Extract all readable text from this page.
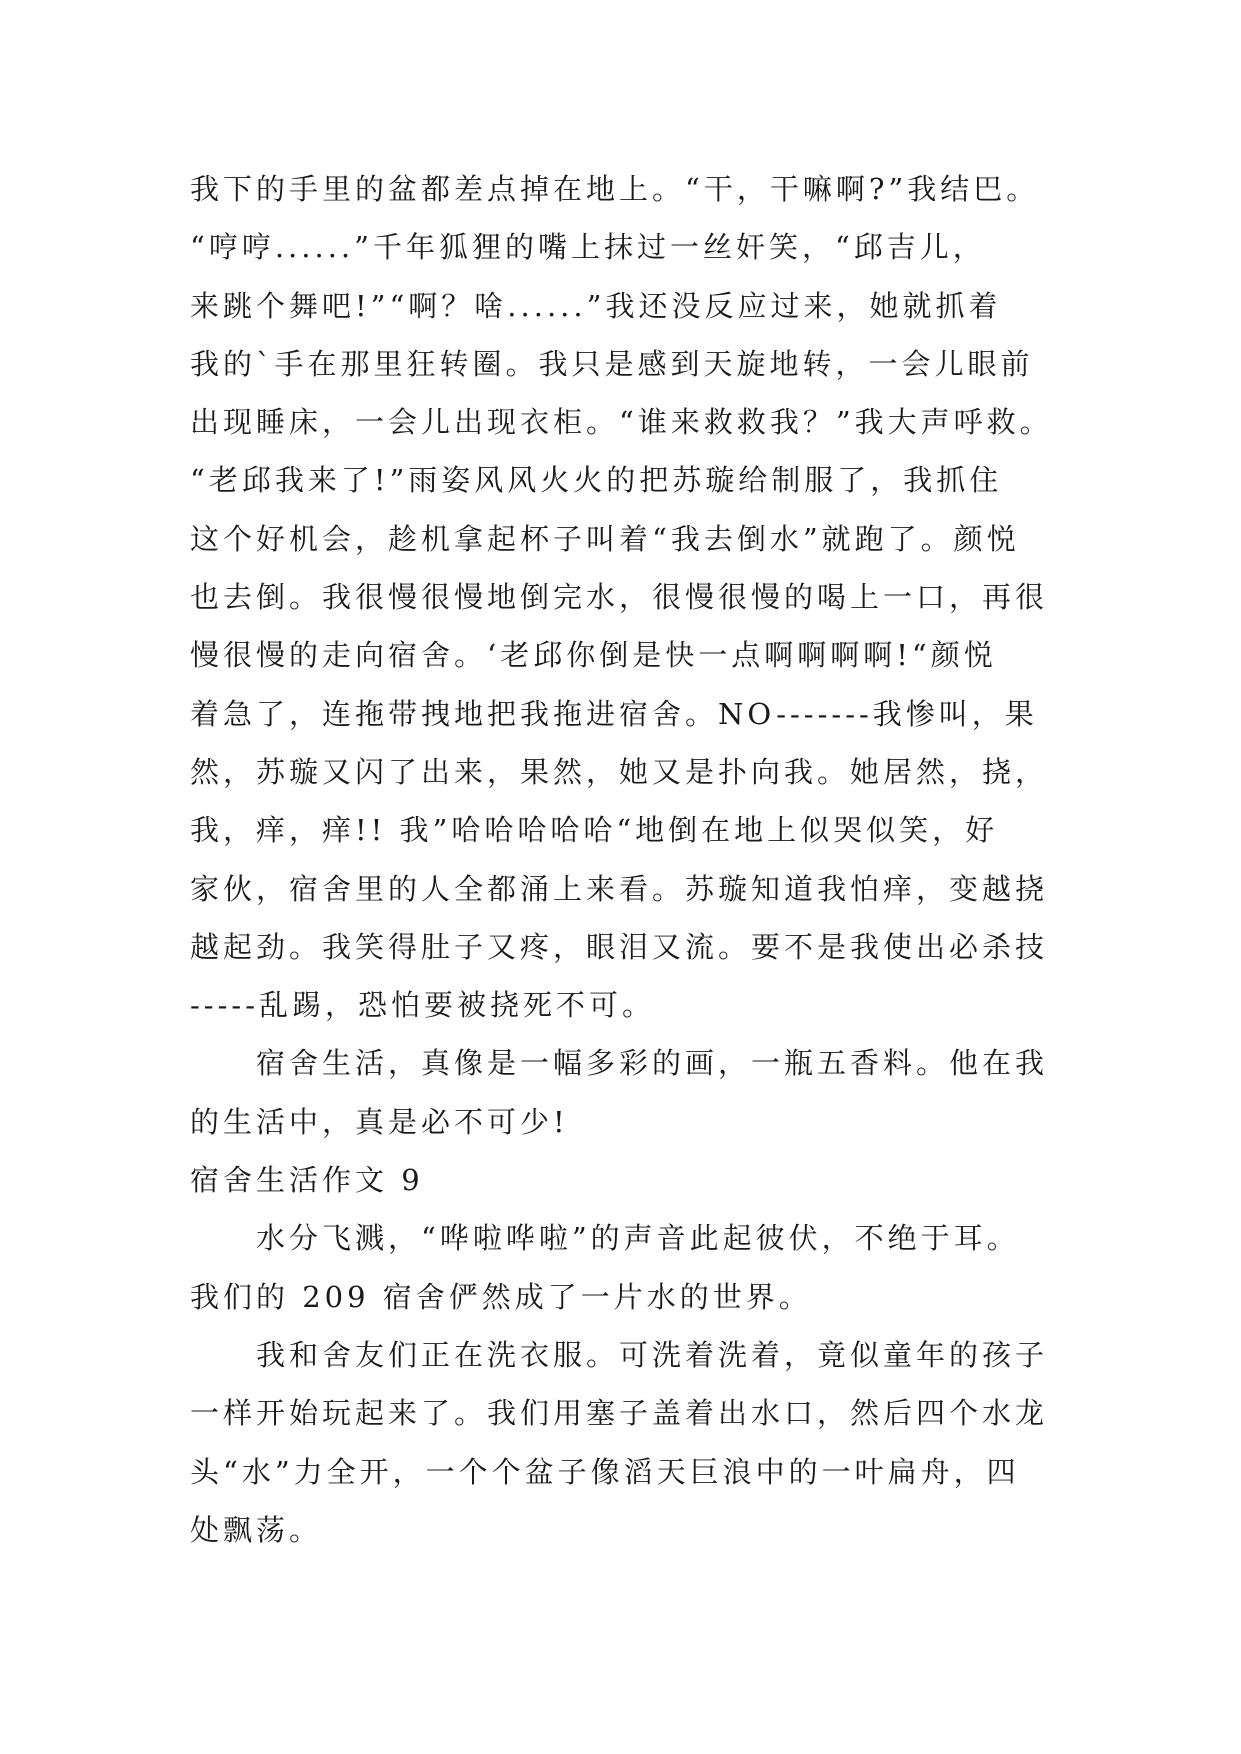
我下的手里的盆都差点掉在地上。“干，干嘛啊?”我结巴。
“哼哼......”千年狐狸的嘴上抹过一丝奸笑，“邱吉儿，
来跳个舞吧!”“啊？啥......”我还没反应过来，她就抓着
我的`手在那里狂转圈。我只是感到天旋地转，一会儿眼前
出现睡床，一会儿出现衣柜。“谁来救救我？”我大声呼救。
“老邱我来了!”雨姿风风火火的把苏璇给制服了，我抓住
这个好机会，趁机拿起杯子叫着“我去倒水”就跑了。颜悦
也去倒。我很慢很慢地倒完水，很慢很慢的喝上一口，再很
慢很慢的走向宿舍。‘老邱你倒是快一点啊啊啊啊!“颜悦
着急了，连拖带拽地把我拖进宿舍。NO-------我惨叫，果
然，苏璇又闪了出来，果然，她又是扑向我。她居然，挠，
我，痒，痒!! 我”哈哈哈哈哈“地倒在地上似哭似笑，好
家伙，宿舍里的人全都涌上来看。苏璇知道我怕痒，变越挠
越起劲。我笑得肚子又疼，眼泪又流。要不是我使出必杀技
-----乱踢，恐怕要被挠死不可。
宿舍生活，真像是一幅多彩的画，一瓶五香料。他在我
的生活中，真是必不可少!
宿舍生活作文 9
水分飞溅，“哗啦哗啦”的声音此起彼伏，不绝于耳。
我们的 209 宿舍俨然成了一片水的世界。
我和舍友们正在洗衣服。可洗着洗着，竟似童年的孩子
一样开始玩起来了。我们用塞子盖着出水口，然后四个水龙
头“水”力全开，一个个盆子像滔天巨浪中的一叶扁舟，四
处飘荡。
